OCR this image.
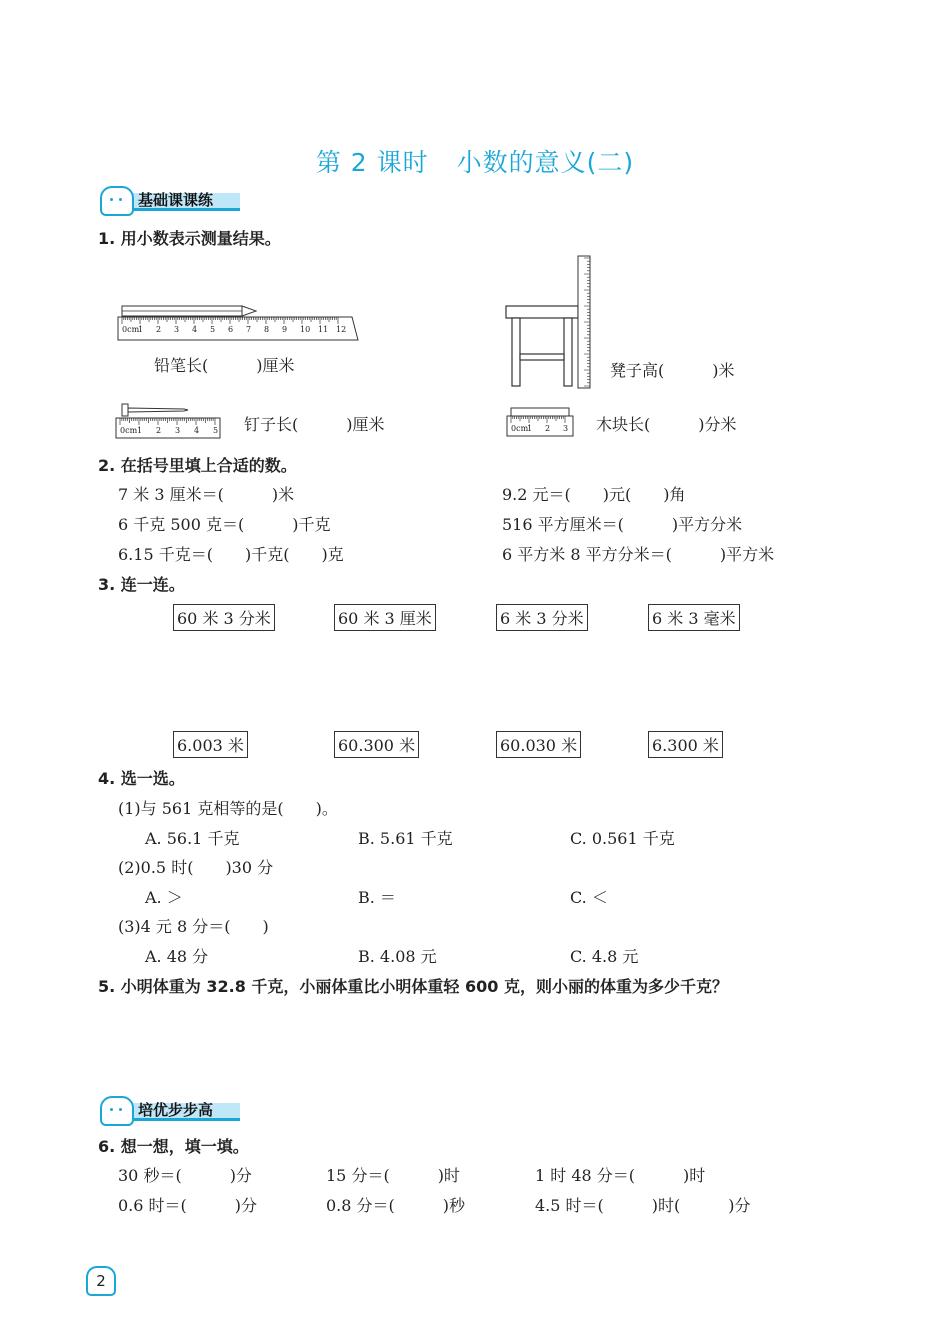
第 2 课时 小数的意义(二)
基础课课练
1. 用小数表示测量结果。
0cm
1 2 3 4 5 6 7 8 9 10 11 12
铅笔长(　　　)厘米	凳子高(　　　)米
0cm 1 2 3 4 5 钉子长(　　　)厘米	0cm
1 2 3 木块长(　　　)分米
2. 在括号里填上合适的数。
7 米 3 厘米＝(　　　)米	9.2 元＝(　　)元(　　)角
6 千克 500 克＝(　　　)千克	516 平方厘米＝(　　　)平方分米
6.15 千克＝(　　)千克(　　)克	6 平方米 8 平方分米＝(　　　)平方米
3. 连一连。
60 米 3 分米	60 米 3 厘米	6 米 3 分米	6 米 3 毫米
6.003 米	60.300 米	60.030 米	6.300 米
4. 选一选。
(1)与 561 克相等的是(　　)。
A. 56.1 千克	B. 5.61 千克	C. 0.561 千克
(2)0.5 时(　　)30 分
A. ＞	B. ＝	C. ＜
(3)4 元 8 分＝(　　)
A. 48 分	B. 4.08 元	C. 4.8 元
5. 小明体重为 32.8 千克，小丽体重比小明体重轻 600 克，则小丽的体重为多少千克？
培优步步高
6. 想一想，填一填。
30 秒＝(　　　)分	15 分＝(　　　)时	1 时 48 分＝(　　　)时
0.6 时＝(　　　)分	0.8 分＝(　　　)秒	4.5 时＝(　　　)时(　　　)分
2
